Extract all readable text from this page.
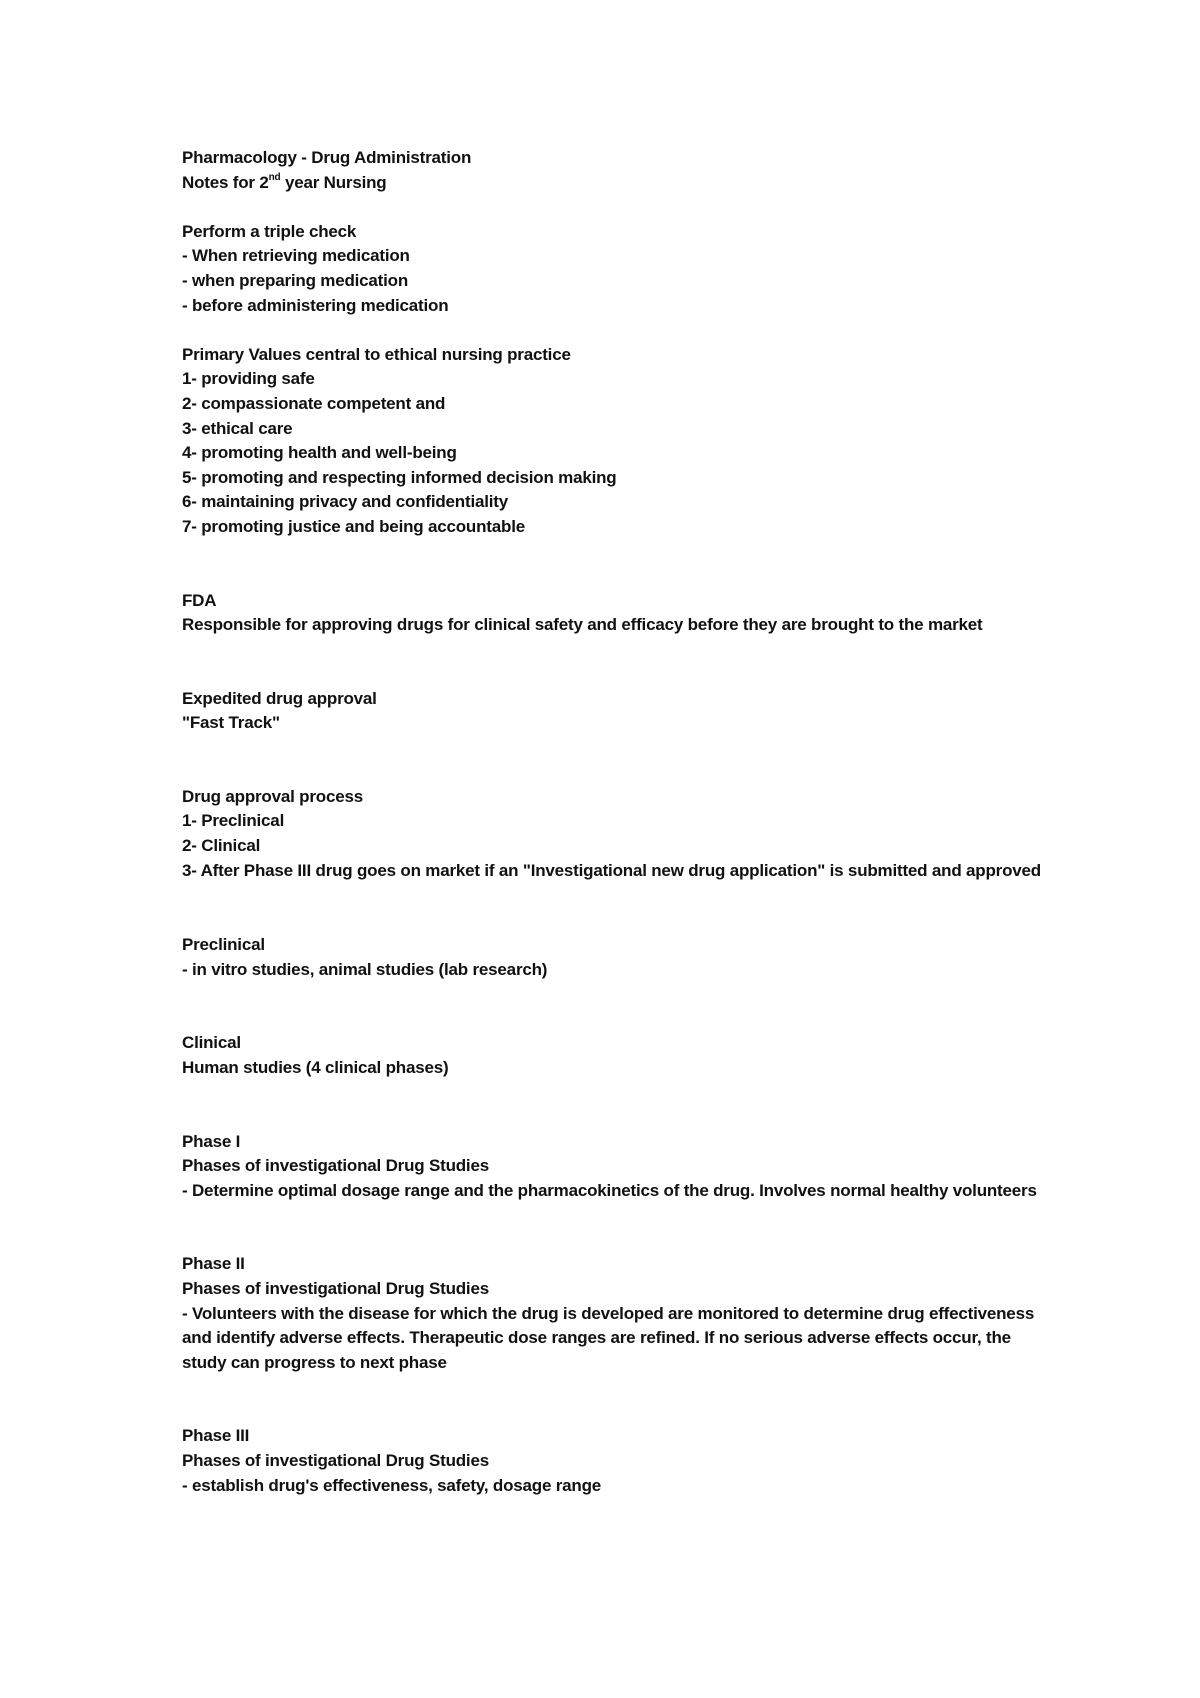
Pharmacology - Drug Administration
Notes for 2nd year Nursing
Perform a triple check
- When retrieving medication
- when preparing medication
- before administering medication
Primary Values central to ethical nursing practice
1- providing safe
2- compassionate competent and
3- ethical care
4- promoting health and well-being
5- promoting and respecting informed decision making
6- maintaining privacy and confidentiality
7- promoting justice and being accountable
FDA
Responsible for approving drugs for clinical safety and efficacy before they are brought to the market
Expedited drug approval
"Fast Track"
Drug approval process
1- Preclinical
2- Clinical
3- After Phase III drug goes on market if an "Investigational new drug application" is submitted and approved
Preclinical
- in vitro studies, animal studies (lab research)
Clinical
Human studies (4 clinical phases)
Phase I
Phases of investigational Drug Studies
- Determine optimal dosage range and the pharmacokinetics of the drug. Involves normal healthy volunteers
Phase II
Phases of investigational Drug Studies
- Volunteers with the disease for which the drug is developed are monitored to determine drug effectiveness and identify adverse effects. Therapeutic dose ranges are refined. If no serious adverse effects occur, the study can progress to next phase
Phase III
Phases of investigational Drug Studies
- establish drug's effectiveness, safety, dosage range
